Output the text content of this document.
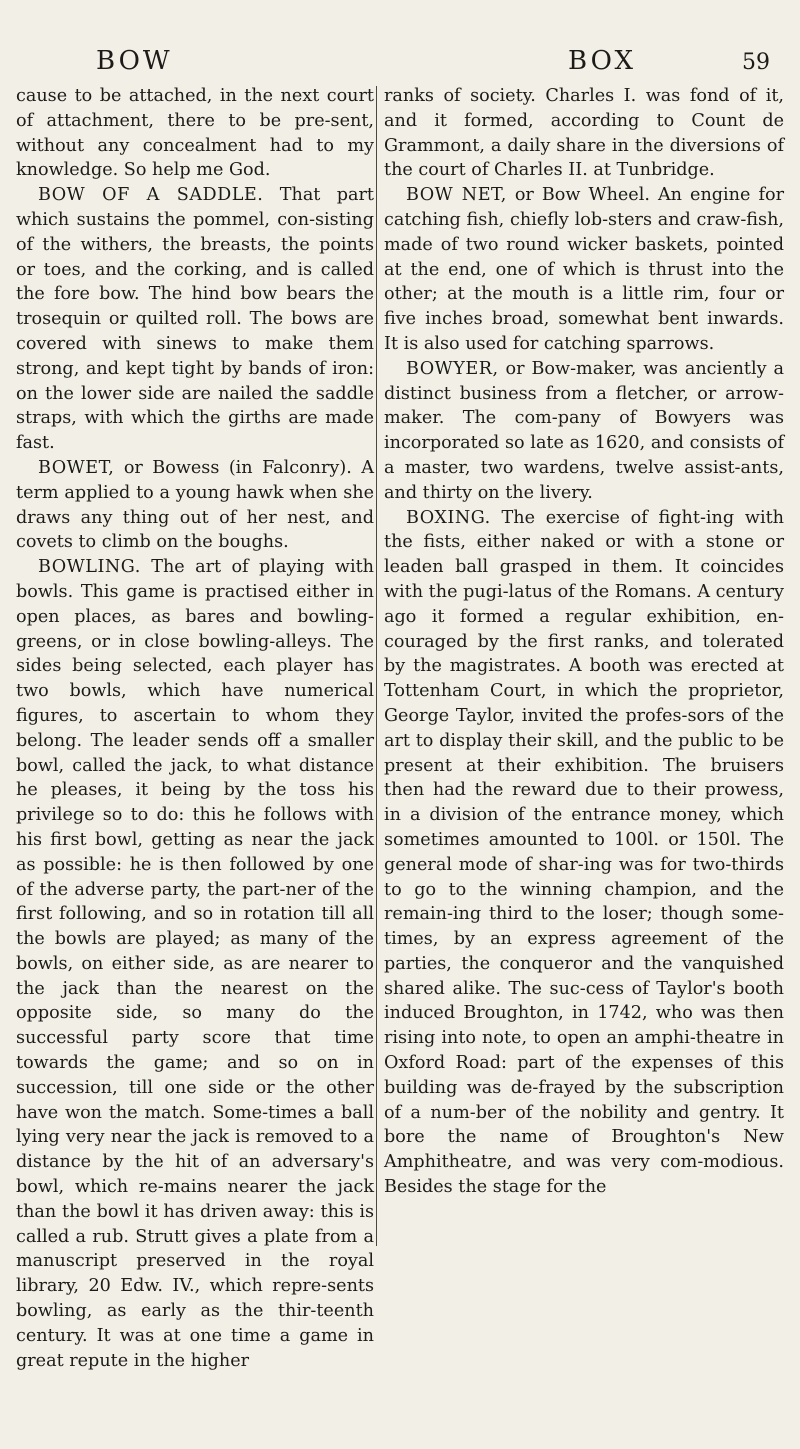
BOW	BOX	59

cause to be attached, in the next court of attachment, there to be pre-sent, without any concealment had to my knowledge. So help me God.

BOW OF A SADDLE. That part which sustains the pommel, con-sisting of the withers, the breasts, the points or toes, and the corking, and is called the fore bow. The hind bow bears the trosequin or quilted roll. The bows are covered with sinews to make them strong, and kept tight by bands of iron: on the lower side are nailed the saddle straps, with which the girths are made fast.

BOWET, or Bowess (in Falconry). A term applied to a young hawk when she draws any thing out of her nest, and covets to climb on the boughs.

BOWLING. The art of playing with bowls. This game is practised either in open places, as bares and bowling-greens, or in close bowling-alleys. The sides being selected, each player has two bowls, which have numerical figures, to ascertain to whom they belong. The leader sends off a smaller bowl, called the jack, to what distance he pleases, it being by the toss his privilege so to do: this he follows with his first bowl, getting as near the jack as possible: he is then followed by one of the adverse party, the part-ner of the first following, and so in rotation till all the bowls are played; as many of the bowls, on either side, as are nearer to the jack than the nearest on the opposite side, so many do the successful party score that time towards the game; and so on in succession, till one side or the other have won the match. Some-times a ball lying very near the jack is removed to a distance by the hit of an adversary's bowl, which re-mains nearer the jack than the bowl it has driven away: this is called a rub. Strutt gives a plate from a manuscript preserved in the royal library, 20 Edw. IV., which repre-sents bowling, as early as the thir-teenth century. It was at one time a game in great repute in the higher

ranks of society. Charles I. was fond of it, and it formed, according to Count de Grammont, a daily share in the diversions of the court of Charles II. at Tunbridge.

BOW NET, or Bow Wheel. An engine for catching fish, chiefly lob-sters and craw-fish, made of two round wicker baskets, pointed at the end, one of which is thrust into the other; at the mouth is a little rim, four or five inches broad, somewhat bent inwards. It is also used for catching sparrows.

BOWYER, or Bow-maker, was anciently a distinct business from a fletcher, or arrow-maker. The com-pany of Bowyers was incorporated so late as 1620, and consists of a master, two wardens, twelve assist-ants, and thirty on the livery.

BOXING. The exercise of fight-ing with the fists, either naked or with a stone or leaden ball grasped in them. It coincides with the pugi-latus of the Romans. A century ago it formed a regular exhibition, en-couraged by the first ranks, and tolerated by the magistrates. A booth was erected at Tottenham Court, in which the proprietor, George Taylor, invited the profes-sors of the art to display their skill, and the public to be present at their exhibition. The bruisers then had the reward due to their prowess, in a division of the entrance money, which sometimes amounted to 100l. or 150l. The general mode of shar-ing was for two-thirds to go to the winning champion, and the remain-ing third to the loser; though some-times, by an express agreement of the parties, the conqueror and the vanquished shared alike. The suc-cess of Taylor's booth induced Broughton, in 1742, who was then rising into note, to open an amphi-theatre in Oxford Road: part of the expenses of this building was de-frayed by the subscription of a num-ber of the nobility and gentry. It bore the name of Broughton's New Amphitheatre, and was very com-modious. Besides the stage for the
